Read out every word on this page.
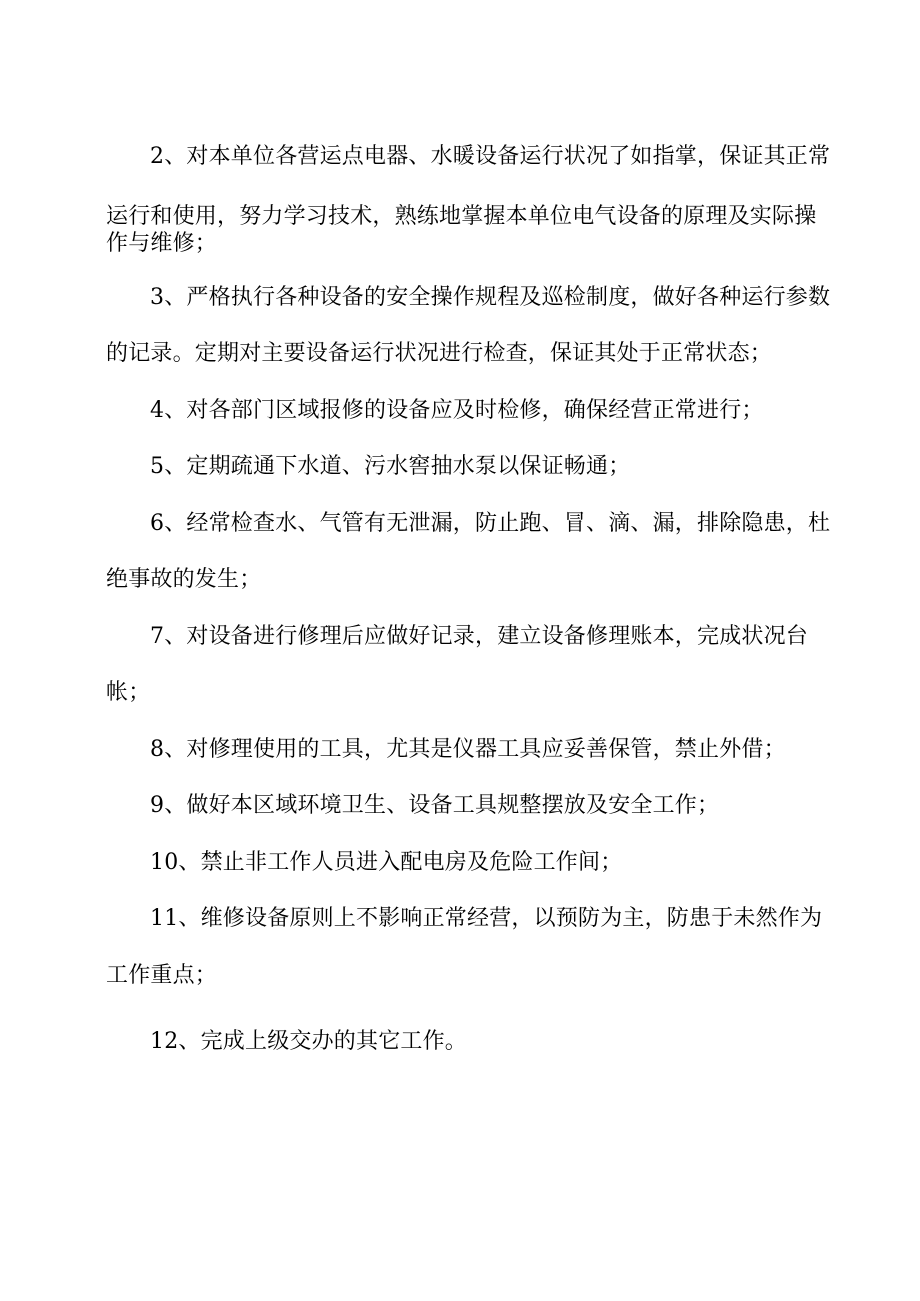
2、对本单位各营运点电器、水暖设备运行状况了如指掌，保证其正常
运行和使用，努力学习技术，熟练地掌握本单位电气设备的原理及实际操
作与维修；
3、严格执行各种设备的安全操作规程及巡检制度，做好各种运行参数
的记录。定期对主要设备运行状况进行检查，保证其处于正常状态；
4、对各部门区域报修的设备应及时检修，确保经营正常进行；
5、定期疏通下水道、污水窖抽水泵以保证畅通；
6、经常检查水、气管有无泄漏，防止跑、冒、滴、漏，排除隐患，杜
绝事故的发生；
7、对设备进行修理后应做好记录，建立设备修理账本，完成状况台
帐；
8、对修理使用的工具，尤其是仪器工具应妥善保管，禁止外借；
9、做好本区域环境卫生、设备工具规整摆放及安全工作；
10、禁止非工作人员进入配电房及危险工作间；
11、维修设备原则上不影响正常经营，以预防为主，防患于未然作为
工作重点；
12、完成上级交办的其它工作。
